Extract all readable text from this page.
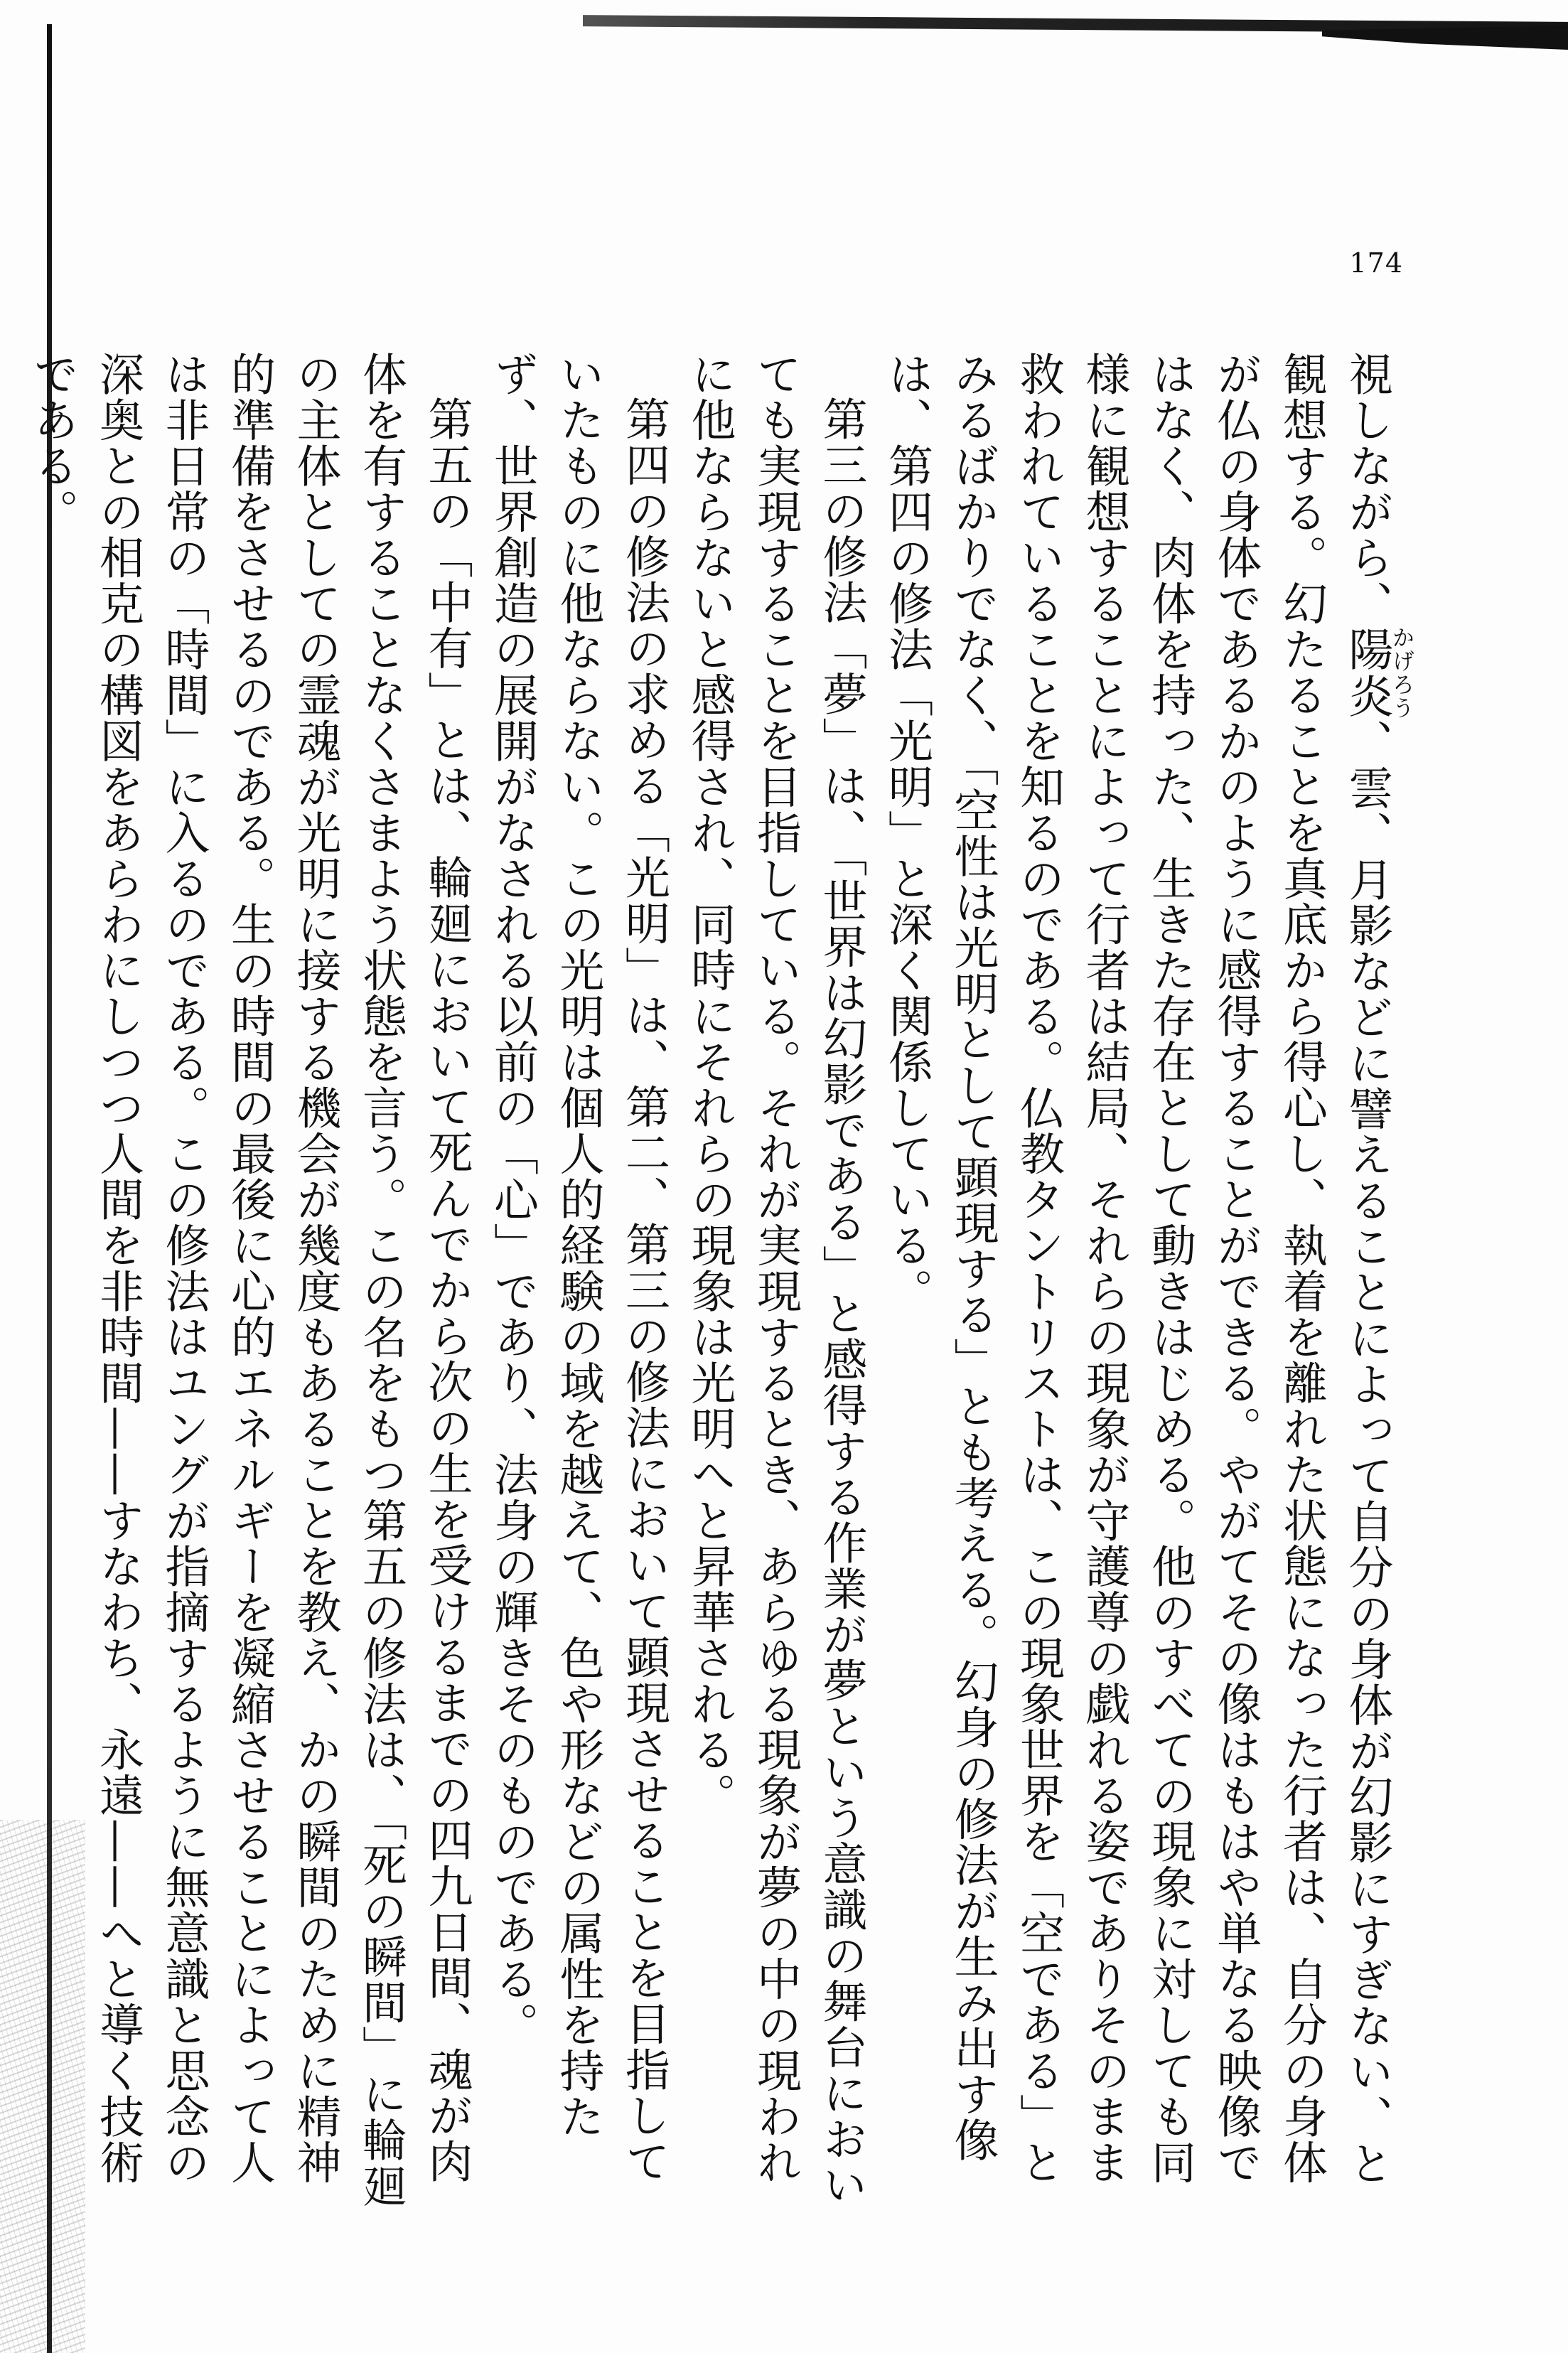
174

視しながら、陽炎かげろう、雲、月影などに譬えることによって自分の身体が幻影にすぎない、と観想する。幻たることを真底から得心し、執着を離れた状態になった行者は、自分の身体が仏の身体であるかのように感得することができる。やがてその像はもはや単なる映像ではなく、肉体を持った、生きた存在として動きはじめる。他のすべての現象に対しても同様に観想することによって行者は結局、それらの現象が守護尊の戯れる姿でありそのまま救われていることを知るのである。仏教タントリストは、この現象世界を「空である」とみるばかりでなく、「空性は光明として顕現する」とも考える。幻身の修法が生み出す像は、第四の修法「光明」と深く関係している。

第三の修法「夢」は、「世界は幻影である」と感得する作業が夢という意識の舞台においても実現することを目指している。それが実現するとき、あらゆる現象が夢の中の現われに他ならないと感得され、同時にそれらの現象は光明へと昇華される。

第四の修法の求める「光明」は、第二、第三の修法において顕現させることを目指していたものに他ならない。この光明は個人的経験の域を越えて、色や形などの属性を持たず、世界創造の展開がなされる以前の「心」であり、法身の輝きそのものである。

第五の「中有」とは、輪廻において死んでから次の生を受けるまでの四九日間、魂が肉体を有することなくさまよう状態を言う。この名をもつ第五の修法は、「死の瞬間」に輪廻の主体としての霊魂が光明に接する機会が幾度もあることを教え、かの瞬間のために精神的準備をさせるのである。生の時間の最後に心的エネルギーを凝縮させることによって人は非日常の「時間」に入るのである。この修法はユングが指摘するように無意識と思念の深奥との相克の構図をあらわにしつつ人間を非時間——すなわち、永遠——へと導く技術である。
